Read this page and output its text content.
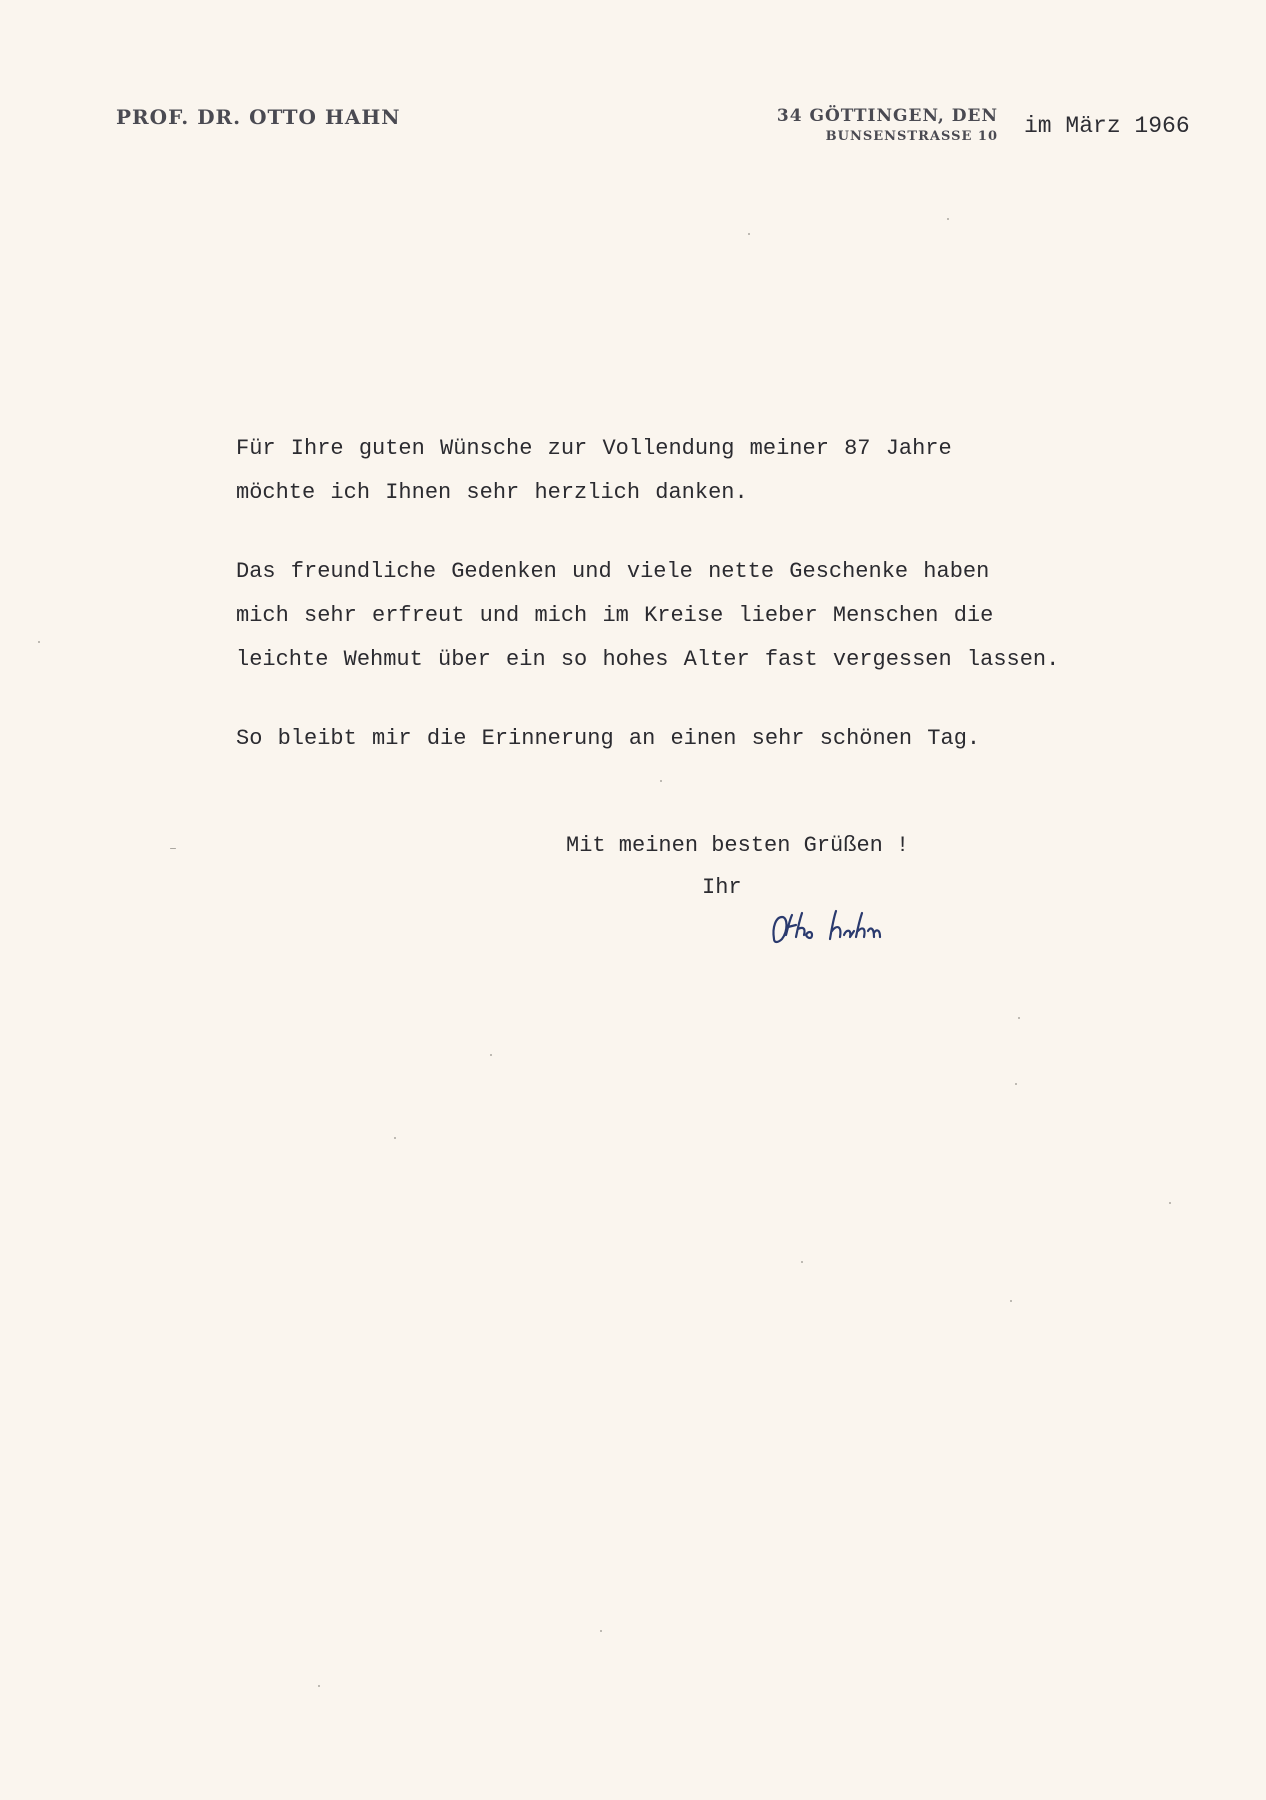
PROF. DR. OTTO HAHN	34 GÖTTINGEN, DEN
BUNSENSTRASSE 10 im März 1966
Für Ihre guten Wünsche zur Vollendung meiner 87 Jahre
möchte ich Ihnen sehr herzlich danken.
Das freundliche Gedenken und viele nette Geschenke haben
mich sehr erfreut und mich im Kreise lieber Menschen die
leichte Wehmut über ein so hohes Alter fast vergessen lassen.
So bleibt mir die Erinnerung an einen sehr schönen Tag.
Mit meinen besten Grüßen !
Ihr
